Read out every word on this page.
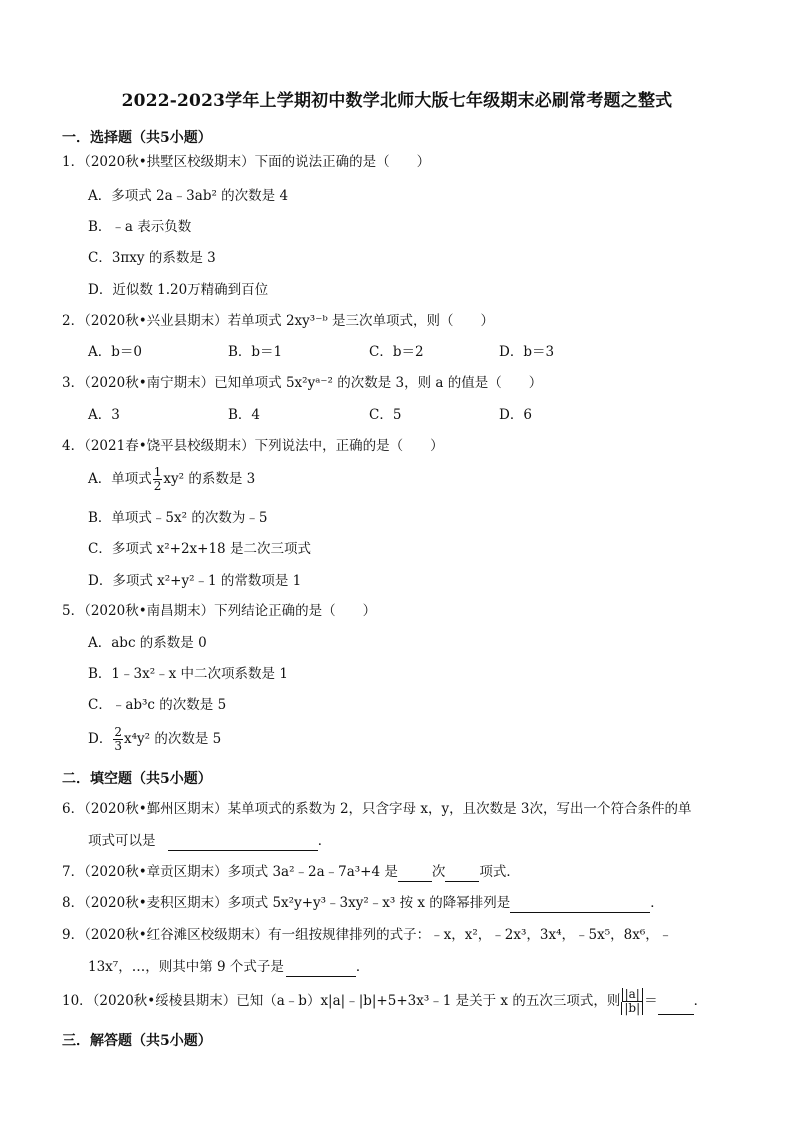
2022-2023学年上学期初中数学北师大版七年级期末必刷常考题之整式
一．选择题（共5小题）
1．（2020秋•拱墅区校级期末）下面的说法正确的是（　　）
A．多项式 2a﹣3ab² 的次数是 4
B．﹣a 表示负数
C．3πxy 的系数是 3
D．近似数 1.20万精确到百位
2．（2020秋•兴业县期末）若单项式 2xy³⁻ᵇ 是三次单项式，则（　　）
A．b＝0	B．b＝1	C．b＝2	D．b＝3
3．（2020秋•南宁期末）已知单项式 5x²yᵃ⁻² 的次数是 3，则 a 的值是（　　）
A．3	B．4	C．5	D．6
4．（2021春•饶平县校级期末）下列说法中，正确的是（　　）
A．单项式 $\frac{1}{2} xy^2$ 的系数是 3
B．单项式﹣5x² 的次数为﹣5
C．多项式 x²+2x+18 是二次三项式
D．多项式 x²+y²﹣1 的常数项是 1
5．（2020秋•南昌期末）下列结论正确的是（　　）
A．abc 的系数是 0
B．1﹣3x²﹣x 中二次项系数是 1
C．﹣ab³c 的次数是 5
D． $\frac{2}{3} x^4y^2$ 的次数是 5
二．填空题（共5小题）
6．（2020秋•鄞州区期末）某单项式的系数为 2，只含字母 x，y，且次数是 3次，写出一个符合条件的单
项式可以是	．
7．（2020秋•章贡区期末）多项式 3a²﹣2a﹣7a³+4 是	次	项式．
8．（2020秋•麦积区期末）多项式 5x²y+y³﹣3xy²﹣x³ 按 x 的降幂排列是	．
9．（2020秋•红谷滩区校级期末）有一组按规律排列的式子：﹣x，x²，﹣2x³，3x⁴，﹣5x⁵，8x⁶，﹣
13x⁷，…，则其中第 9 个式子是	．
10．（2020秋•绥棱县期末）已知（a﹣b）x|a|﹣|b|+5+3x³﹣1 是关于 x 的五次三项式，则 $\frac{|a|}{|b|}$ ＝	．
三．解答题（共5小题）
